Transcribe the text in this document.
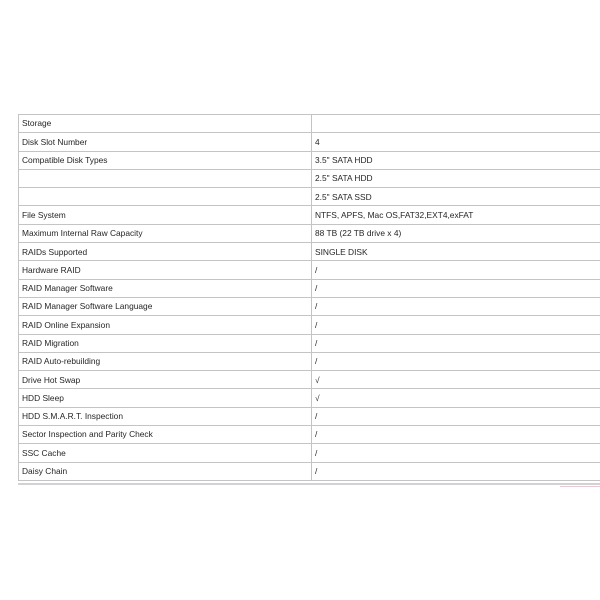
Storage	
Disk Slot Number	4
Compatible Disk Types	3.5" SATA HDD
	2.5" SATA HDD
	2.5" SATA SSD
File System	NTFS, APFS, Mac OS,FAT32,EXT4,exFAT
Maximum Internal Raw Capacity	88 TB (22 TB drive x 4)
RAIDs Supported	SINGLE DISK
Hardware RAID	/
RAID Manager Software	/
RAID Manager Software Language	/
RAID Online Expansion	/
RAID Migration	/
RAID Auto-rebuilding	/
Drive Hot Swap	√
HDD Sleep	√
HDD S.M.A.R.T. Inspection	/
Sector Inspection and Parity Check	/
SSC Cache	/
Daisy Chain	/
